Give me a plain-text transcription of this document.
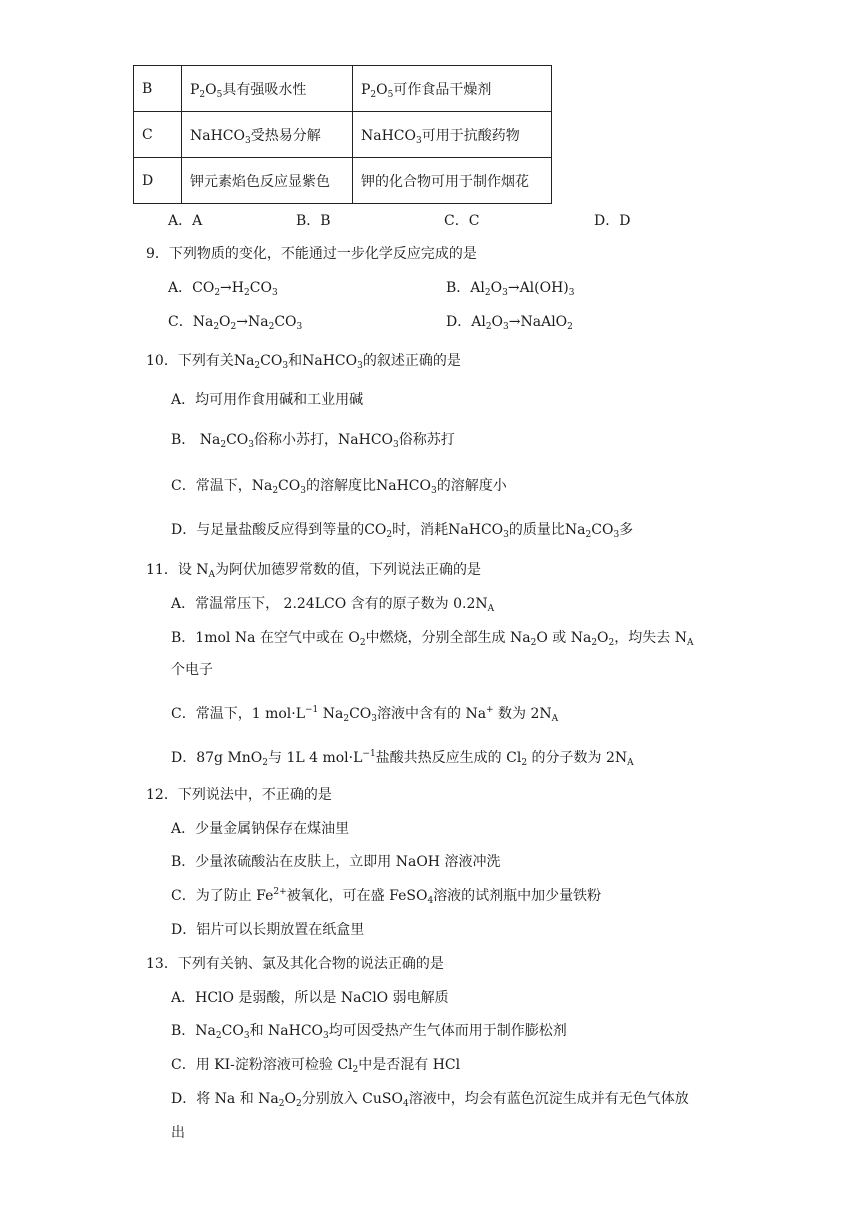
B	$P_2O_5$具有强吸水性	$P_2O_5$可作食品干燥剂
C	NaHCO$_3$受热易分解	NaHCO$_3$可用于抗酸药物
D	钾元素焰色反应显紫色	钾的化合物可用于制作烟花
A．A	B．B	C．C	D．D
9．下列物质的变化，不能通过一步化学反应完成的是
A．$CO_2\to H_2CO_3$	B．$Al_2O_3\to Al(OH)_3$
C．$Na_2O_2\to Na_2CO_3$	D．$Al_2O_3\to NaAlO_2$
10．下列有关$Na_2CO_3$和NaHCO$_3$的叙述正确的是
A．均可用作食用碱和工业用碱
B． $Na_2CO_3$俗称小苏打，NaHCO$_3$俗称苏打
C．常温下，$Na_2CO_3$的溶解度比NaHCO$_3$的溶解度小
D．与足量盐酸反应得到等量的$CO_2$时，消耗NaHCO$_3$的质量比$Na_2CO_3$多
11．设 $N_A$为阿伏加德罗常数的值，下列说法正确的是
A．常温常压下， 2.24LCO 含有的原子数为 $0.2N_A$
B．1mol Na 在空气中或在 $O_2$中燃烧，分别全部生成 $Na_2O$ 或 $Na_2O_2$，均失去 $N_A$
个电子
C．常温下，1 $mol\cdot L^{-1}$ $Na_2CO_3$溶液中含有的 Na+ 数为 $2N_A$
D．87g MnO$_2$与 1L 4 $mol\cdot L^{-1}$盐酸共热反应生成的 $Cl_2$ 的分子数为 $2N_A$
12．下列说法中，不正确的是
A．少量金属钠保存在煤油里
B．少量浓硫酸沾在皮肤上，立即用 NaOH 溶液冲洗
C．为了防止 $Fe^{2+}$被氧化，可在盛 FeSO$_4$溶液的试剂瓶中加少量铁粉
D．铝片可以长期放置在纸盒里
13．下列有关钠、氯及其化合物的说法正确的是
A．HClO 是弱酸，所以是 NaClO 弱电解质
B．$Na_2CO_3$和 NaHCO$_3$均可因受热产生气体而用于制作膨松剂
C．用 KI-淀粉溶液可检验 $Cl_2$中是否混有 HCl
D．将 Na 和 $Na_2O_2$分别放入 CuSO$_4$溶液中，均会有蓝色沉淀生成并有无色气体放
出
